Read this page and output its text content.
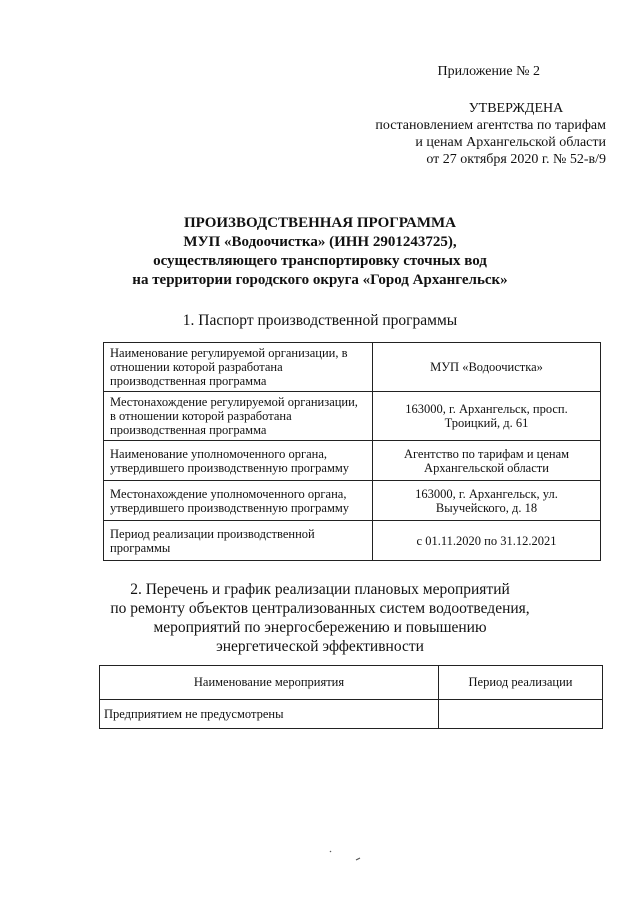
Приложение № 2
УТВЕРЖДЕНА
постановлением агентства по тарифам
и ценам Архангельской области
от 27 октября 2020 г. № 52-в/9
ПРОИЗВОДСТВЕННАЯ ПРОГРАММА
МУП «Водоочистка» (ИНН 2901243725),
осуществляющего транспортировку сточных вод
на территории городского округа «Город Архангельск»
1. Паспорт производственной программы
Наименование регулируемой организации, в отношении которой разработана производственная программа	МУП «Водоочистка»
Местонахождение регулируемой организации, в отношении которой разработана производственная программа	163000, г. Архангельск, просп. Троицкий, д. 61
Наименование уполномоченного органа, утвердившего производственную программу	Агентство по тарифам и ценам Архангельской области
Местонахождение уполномоченного органа, утвердившего производственную программу	163000, г. Архангельск, ул. Выучейского, д. 18
Период реализации производственной программы	с 01.11.2020 по 31.12.2021
2. Перечень и график реализации плановых мероприятий
по ремонту объектов централизованных систем водоотведения,
мероприятий по энергосбережению и повышению
энергетической эффективности
Наименование мероприятия	Период реализации
Предприятием не предусмотрены	
